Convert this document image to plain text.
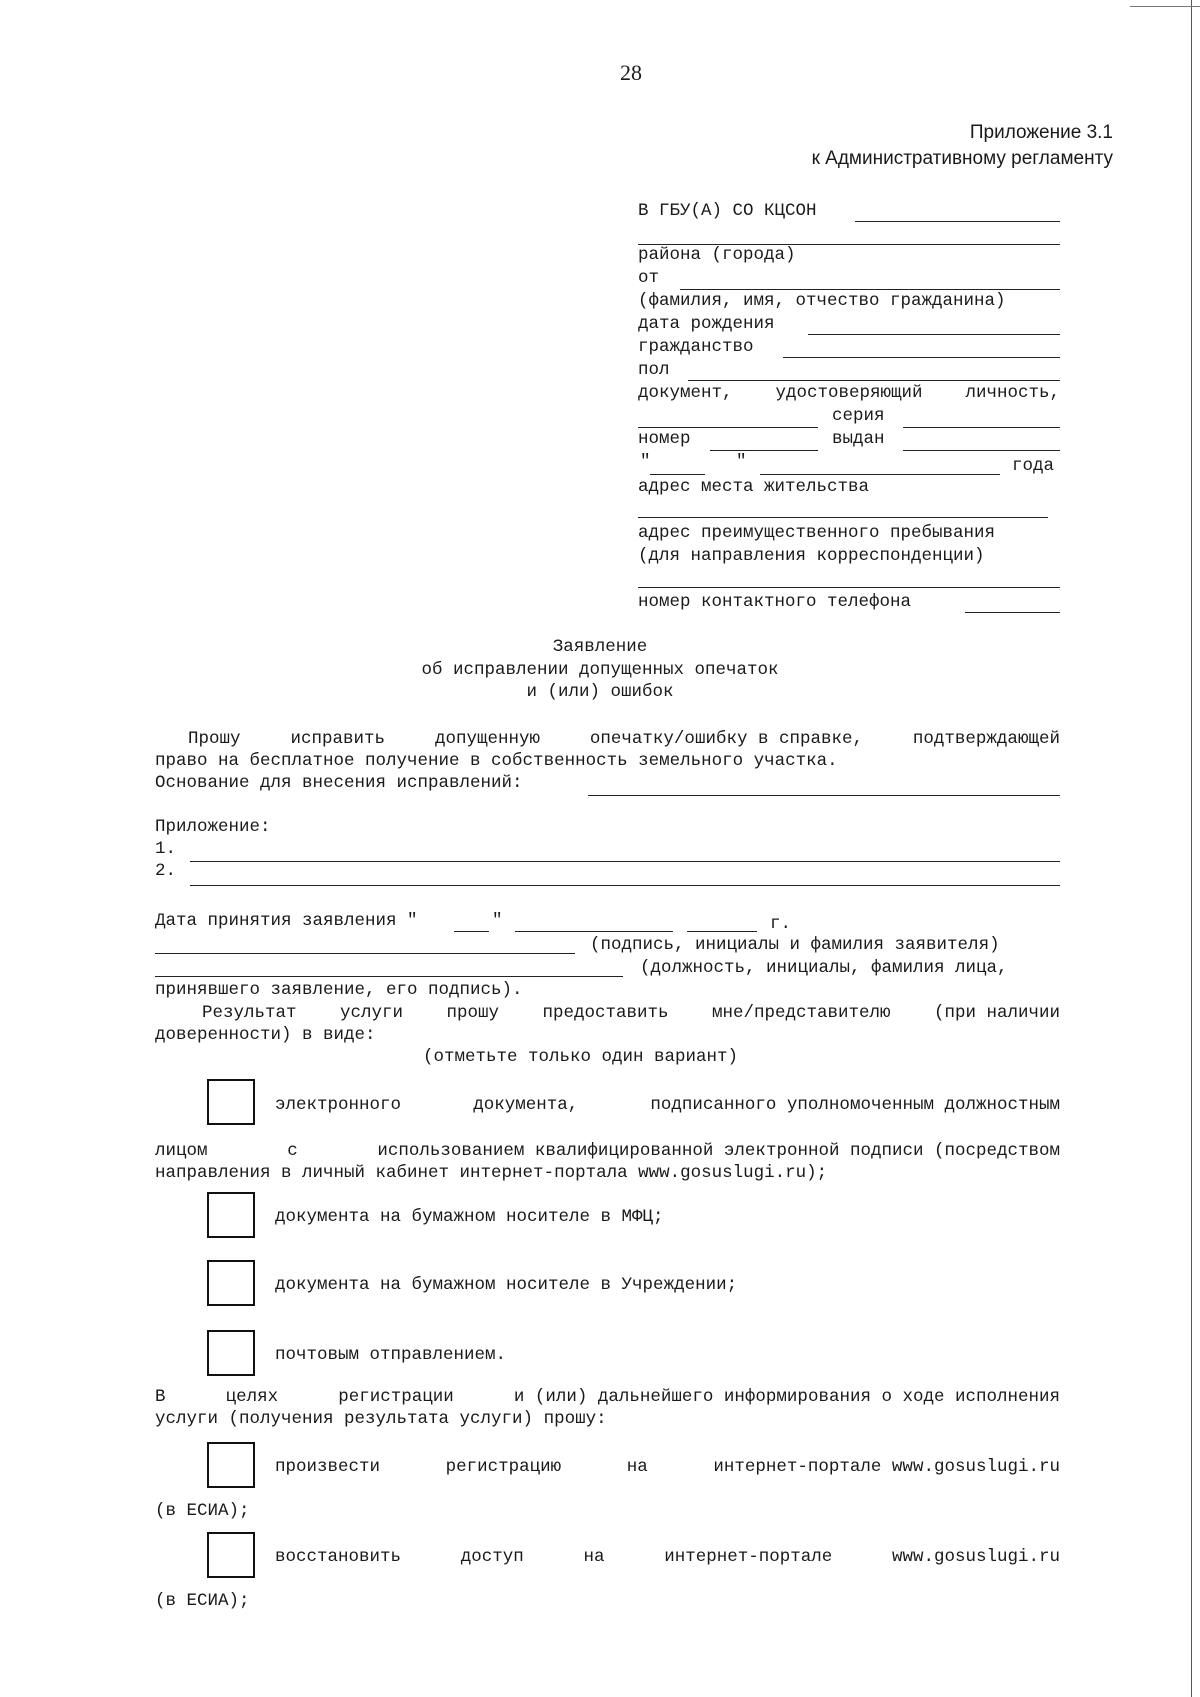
28
Приложение 3.1
к Административному регламенту
В ГБУ(А) СО КЦСОН
района (города)
от
(фамилия, имя, отчество гражданина)
дата рождения
гражданство
пол
документ, удостоверяющий личность,
серия
номер	выдан
"	"	года
адрес места жительства
адрес преимущественного пребывания
(для направления корреспонденции)
номер контактного телефона
Заявление
об исправлении допущенных опечаток
и (или) ошибок
Прошу	исправить	допущенную	опечатку/ошибку в справке,	подтверждающей
право на бесплатное получение в собственность земельного участка.
Основание для внесения исправлений:
Приложение:
1.
2.
Дата принятия заявления "	"	г.
(подпись, инициалы и фамилия заявителя)
(должность, инициалы, фамилия лица,
принявшего заявление, его подпись).
Результат услуги прошу предоставить мне/представителю (при наличии
доверенности) в виде:
(отметьте только один вариант)
электронного	документа,	подписанного уполномоченным должностным
лицом	с	использованием квалифицированной электронной подписи (посредством
направления в личный кабинет интернет-портала www.gosuslugi.ru);
документа на бумажном носителе в МФЦ;
документа на бумажном носителе в Учреждении;
почтовым отправлением.
В	целях	регистрации	и (или) дальнейшего информирования о ходе исполнения
услуги (получения результата услуги) прошу:
произвести	регистрацию	на	интернет-портале www.gosuslugi.ru
(в ЕСИА);
восстановить	доступ	на	интернет-портале	www.gosuslugi.ru
(в ЕСИА);
